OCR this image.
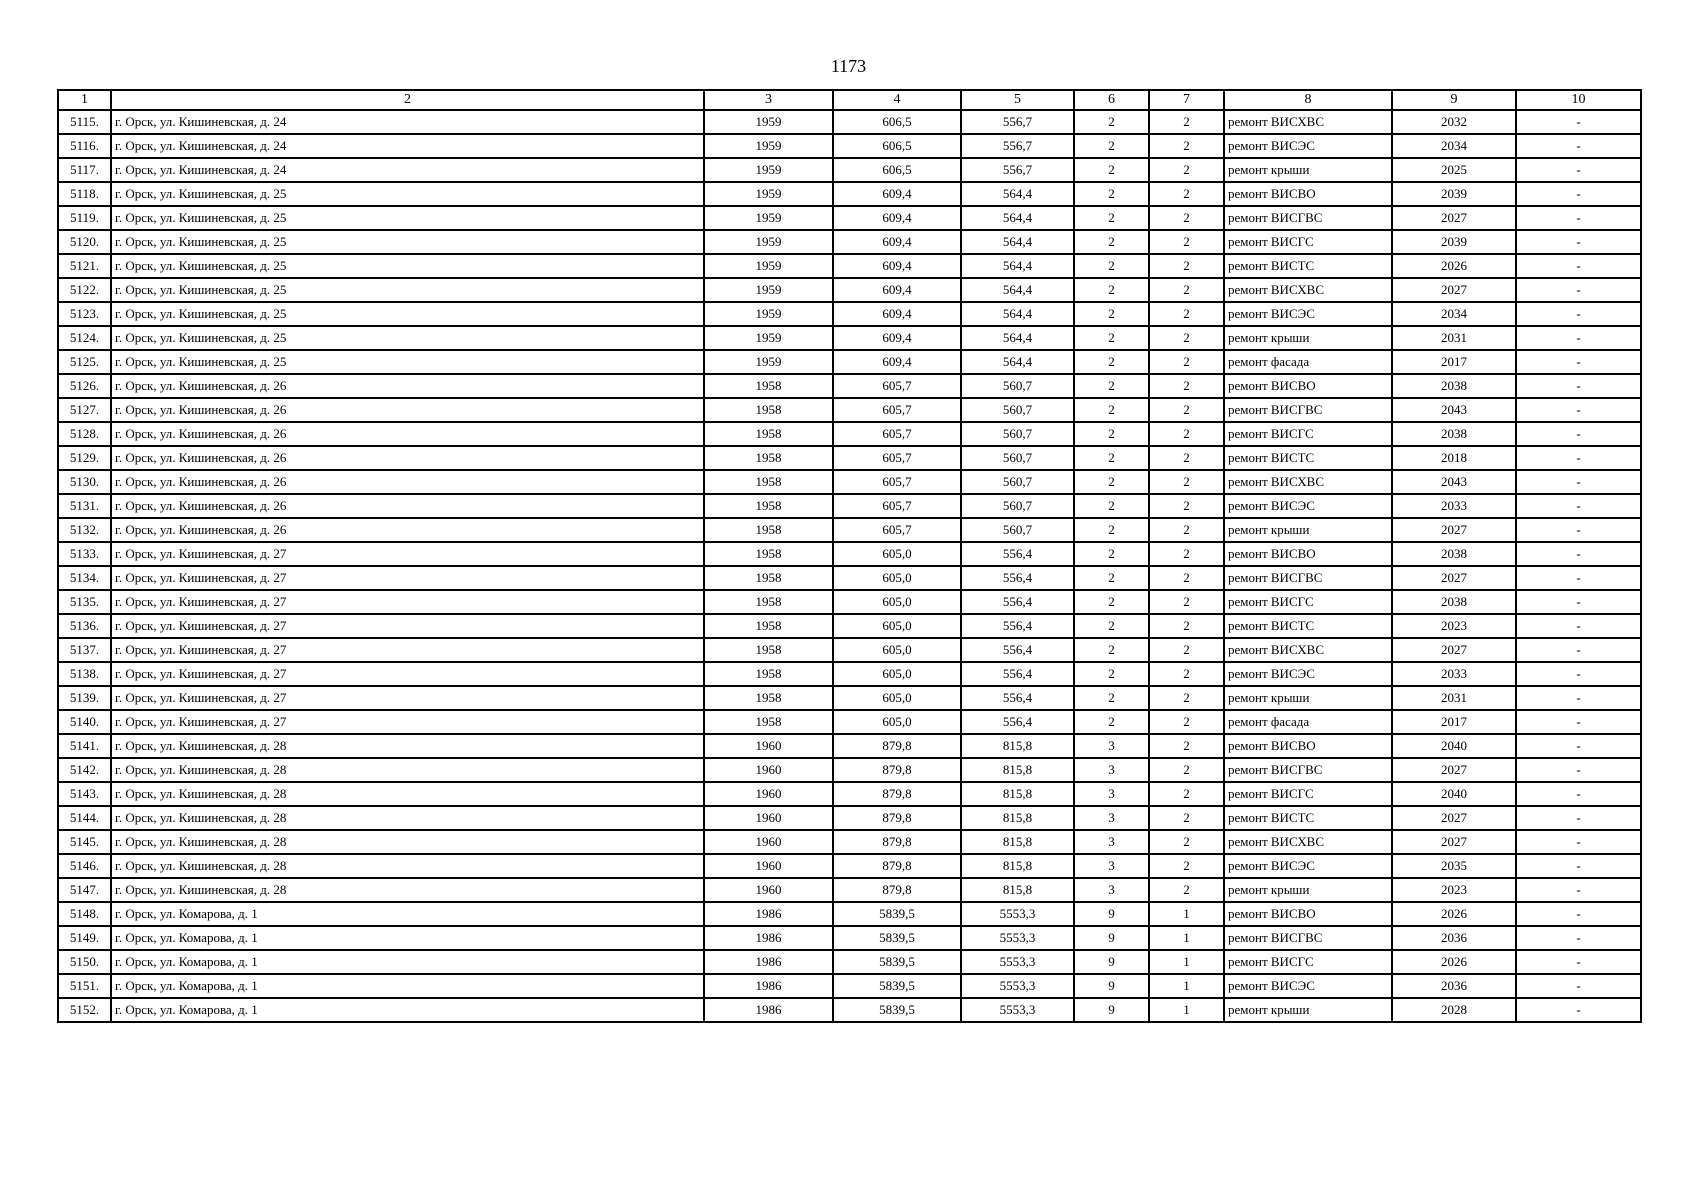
1173
1	2	3	4	5	6	7	8	9	10
5115.	г. Орск, ул. Кишиневская, д. 24	1959	606,5	556,7	2	2	ремонт ВИСХВС	2032	-
5116.	г. Орск, ул. Кишиневская, д. 24	1959	606,5	556,7	2	2	ремонт ВИСЭС	2034	-
5117.	г. Орск, ул. Кишиневская, д. 24	1959	606,5	556,7	2	2	ремонт крыши	2025	-
5118.	г. Орск, ул. Кишиневская, д. 25	1959	609,4	564,4	2	2	ремонт ВИСВО	2039	-
5119.	г. Орск, ул. Кишиневская, д. 25	1959	609,4	564,4	2	2	ремонт ВИСГВС	2027	-
5120.	г. Орск, ул. Кишиневская, д. 25	1959	609,4	564,4	2	2	ремонт ВИСГС	2039	-
5121.	г. Орск, ул. Кишиневская, д. 25	1959	609,4	564,4	2	2	ремонт ВИСТС	2026	-
5122.	г. Орск, ул. Кишиневская, д. 25	1959	609,4	564,4	2	2	ремонт ВИСХВС	2027	-
5123.	г. Орск, ул. Кишиневская, д. 25	1959	609,4	564,4	2	2	ремонт ВИСЭС	2034	-
5124.	г. Орск, ул. Кишиневская, д. 25	1959	609,4	564,4	2	2	ремонт крыши	2031	-
5125.	г. Орск, ул. Кишиневская, д. 25	1959	609,4	564,4	2	2	ремонт фасада	2017	-
5126.	г. Орск, ул. Кишиневская, д. 26	1958	605,7	560,7	2	2	ремонт ВИСВО	2038	-
5127.	г. Орск, ул. Кишиневская, д. 26	1958	605,7	560,7	2	2	ремонт ВИСГВС	2043	-
5128.	г. Орск, ул. Кишиневская, д. 26	1958	605,7	560,7	2	2	ремонт ВИСГС	2038	-
5129.	г. Орск, ул. Кишиневская, д. 26	1958	605,7	560,7	2	2	ремонт ВИСТС	2018	-
5130.	г. Орск, ул. Кишиневская, д. 26	1958	605,7	560,7	2	2	ремонт ВИСХВС	2043	-
5131.	г. Орск, ул. Кишиневская, д. 26	1958	605,7	560,7	2	2	ремонт ВИСЭС	2033	-
5132.	г. Орск, ул. Кишиневская, д. 26	1958	605,7	560,7	2	2	ремонт крыши	2027	-
5133.	г. Орск, ул. Кишиневская, д. 27	1958	605,0	556,4	2	2	ремонт ВИСВО	2038	-
5134.	г. Орск, ул. Кишиневская, д. 27	1958	605,0	556,4	2	2	ремонт ВИСГВС	2027	-
5135.	г. Орск, ул. Кишиневская, д. 27	1958	605,0	556,4	2	2	ремонт ВИСГС	2038	-
5136.	г. Орск, ул. Кишиневская, д. 27	1958	605,0	556,4	2	2	ремонт ВИСТС	2023	-
5137.	г. Орск, ул. Кишиневская, д. 27	1958	605,0	556,4	2	2	ремонт ВИСХВС	2027	-
5138.	г. Орск, ул. Кишиневская, д. 27	1958	605,0	556,4	2	2	ремонт ВИСЭС	2033	-
5139.	г. Орск, ул. Кишиневская, д. 27	1958	605,0	556,4	2	2	ремонт крыши	2031	-
5140.	г. Орск, ул. Кишиневская, д. 27	1958	605,0	556,4	2	2	ремонт фасада	2017	-
5141.	г. Орск, ул. Кишиневская, д. 28	1960	879,8	815,8	3	2	ремонт ВИСВО	2040	-
5142.	г. Орск, ул. Кишиневская, д. 28	1960	879,8	815,8	3	2	ремонт ВИСГВС	2027	-
5143.	г. Орск, ул. Кишиневская, д. 28	1960	879,8	815,8	3	2	ремонт ВИСГС	2040	-
5144.	г. Орск, ул. Кишиневская, д. 28	1960	879,8	815,8	3	2	ремонт ВИСТС	2027	-
5145.	г. Орск, ул. Кишиневская, д. 28	1960	879,8	815,8	3	2	ремонт ВИСХВС	2027	-
5146.	г. Орск, ул. Кишиневская, д. 28	1960	879,8	815,8	3	2	ремонт ВИСЭС	2035	-
5147.	г. Орск, ул. Кишиневская, д. 28	1960	879,8	815,8	3	2	ремонт крыши	2023	-
5148.	г. Орск, ул. Комарова, д. 1	1986	5839,5	5553,3	9	1	ремонт ВИСВО	2026	-
5149.	г. Орск, ул. Комарова, д. 1	1986	5839,5	5553,3	9	1	ремонт ВИСГВС	2036	-
5150.	г. Орск, ул. Комарова, д. 1	1986	5839,5	5553,3	9	1	ремонт ВИСГС	2026	-
5151.	г. Орск, ул. Комарова, д. 1	1986	5839,5	5553,3	9	1	ремонт ВИСЭС	2036	-
5152.	г. Орск, ул. Комарова, д. 1	1986	5839,5	5553,3	9	1	ремонт крыши	2028	-
